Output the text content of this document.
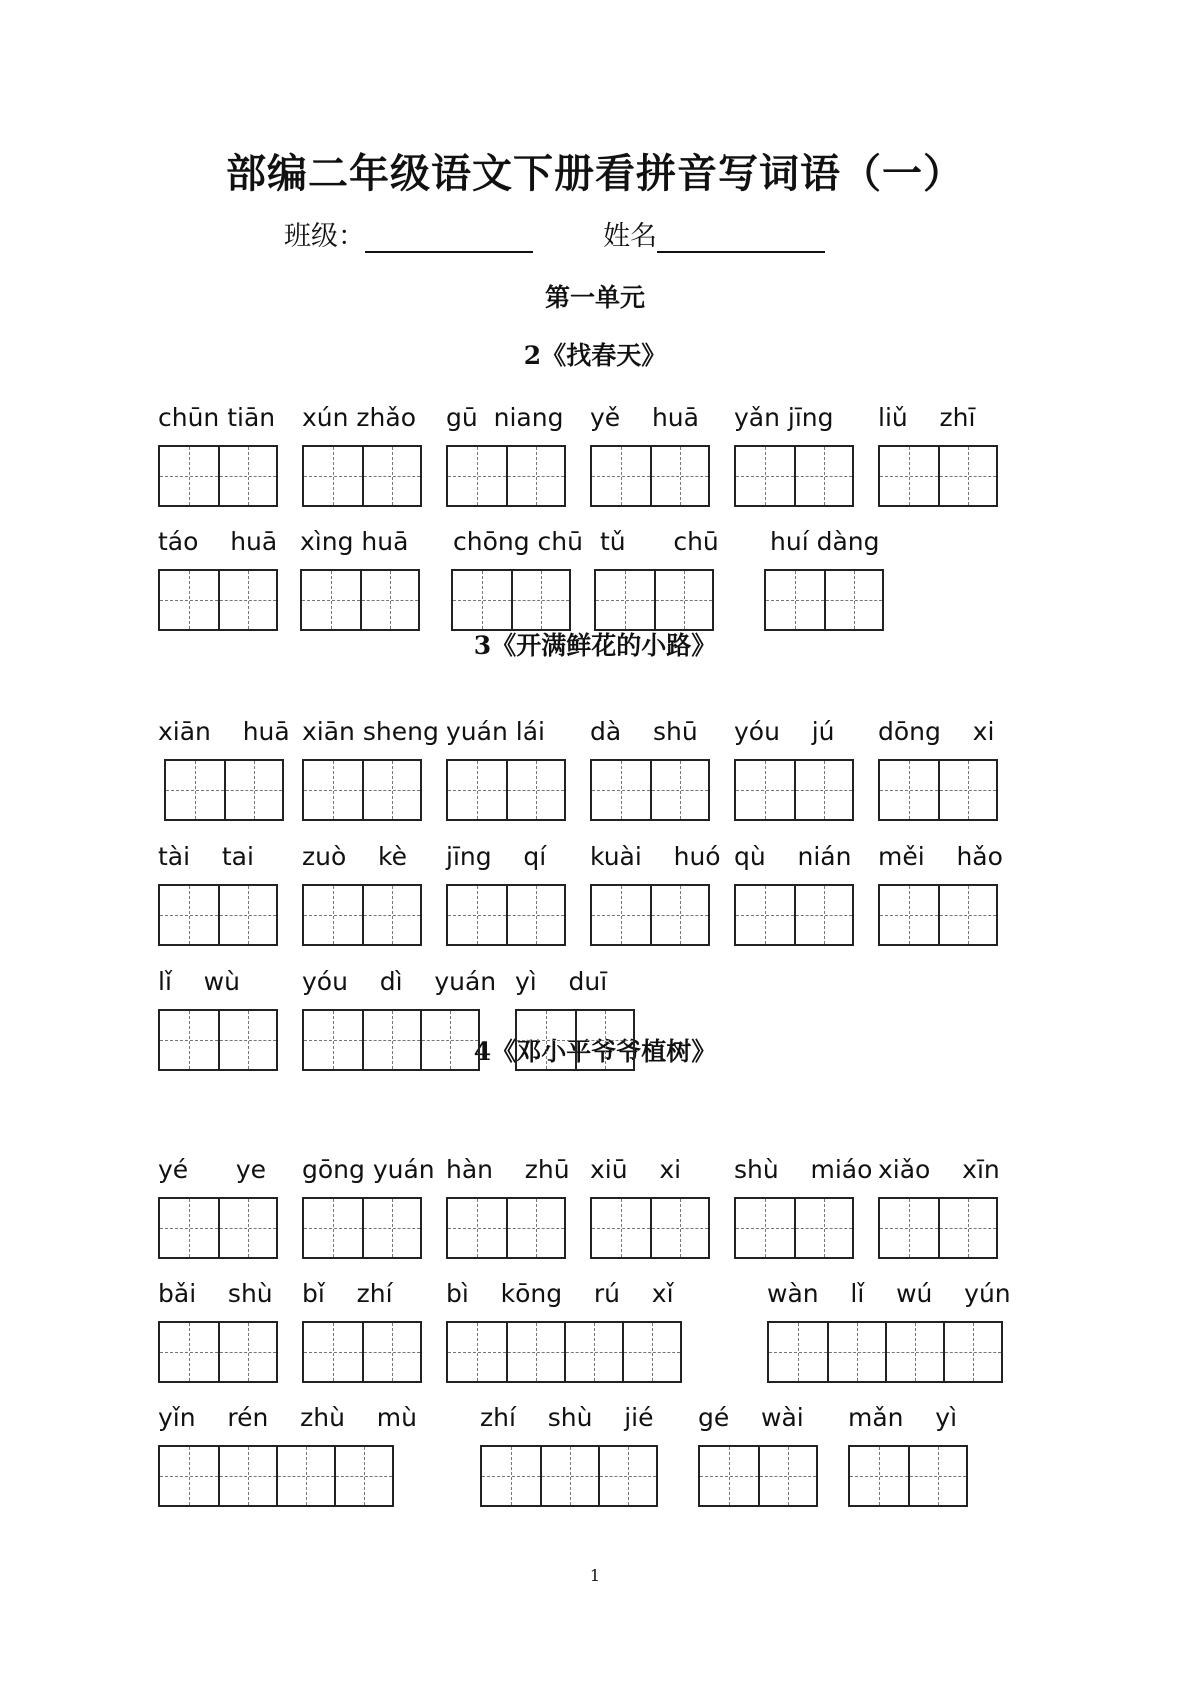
部编二年级语文下册看拼音写词语（一）
班级：	姓名
第一单元
2《找春天》
3《开满鲜花的小路》
4《邓小平爷爷植树》
chūn tiān xún zhǎo gū  niang yě    huā yǎn jīng liǔ    zhī
táo    huā xìng huā chōng chū tǔ      chū huí dàng
xiān    huā xiān sheng yuán lái dà    shū yóu    jú dōng    xi
tài    tai zuò    kè jīng    qí kuài    huó qù    nián měi    hǎo
lǐ    wù yóu    dì    yuán yì    duī
yé      ye gōng yuán hàn    zhū xiū    xi shù    miáo xiǎo    xīn
bǎi    shù bǐ    zhí bì    kōng    rú    xǐ	wàn    lǐ    wú    yún
yǐn    rén    zhù    mù	zhí    shù    jié gé    wài mǎn    yì
1
